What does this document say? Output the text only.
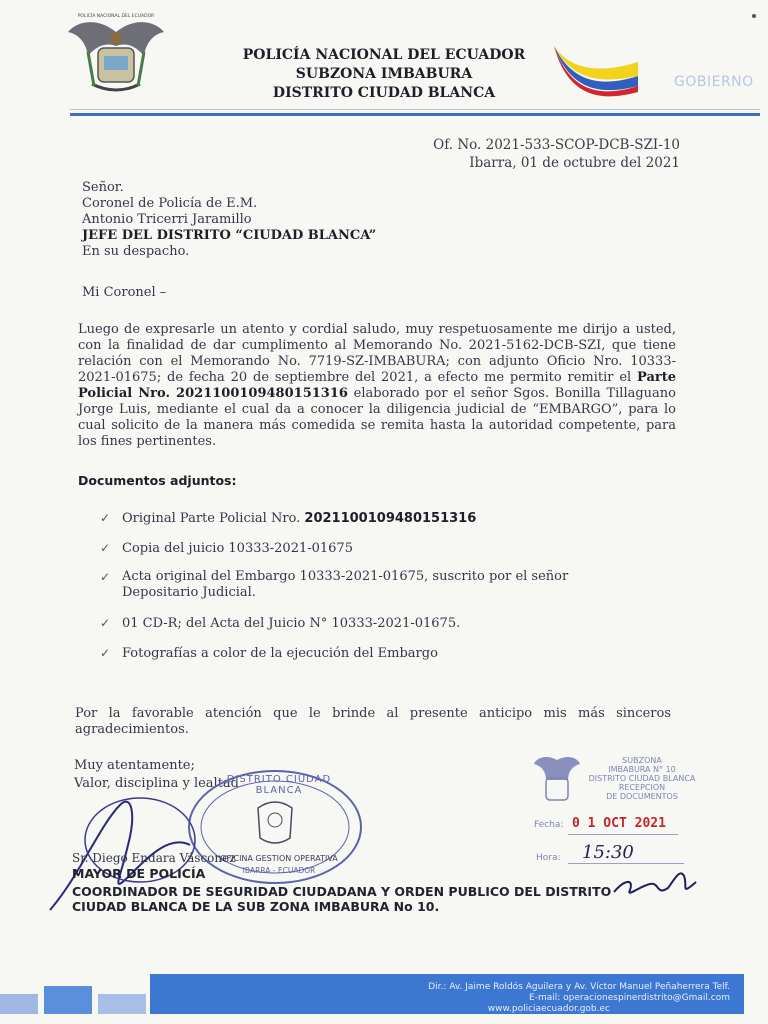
POLICÍA NACIONAL DEL ECUADOR
POLICÍA NACIONAL DEL ECUADOR
SUBZONA IMBABURA
DISTRITO CIUDAD BLANCA
GOBIERNO
Of. No. 2021-533-SCOP-DCB-SZI-10
Ibarra, 01 de octubre del 2021
Señor.
Coronel de Policía de E.M.
Antonio Tricerri Jaramillo
JEFE DEL DISTRITO “CIUDAD BLANCA”
En su despacho.
Mi Coronel –
Luego de expresarle un atento y cordial saludo, muy respetuosamente me dirijo a usted, con la finalidad de dar cumplimento al Memorando No. 2021-5162-DCB-SZI, que tiene relación con el Memorando No. 7719-SZ-IMBABURA; con adjunto Oficio Nro. 10333-2021-01675; de fecha 20 de septiembre del 2021, a efecto me permito remitir el Parte Policial Nro. 2021100109480151316 elaborado por el señor Sgos. Bonilla Tillaguano Jorge Luis, mediante el cual da a conocer la diligencia judicial de “EMBARGO”, para lo cual solicito de la manera más comedida se remita hasta la autoridad competente, para los fines pertinentes.
Documentos adjuntos:
✓ Original Parte Policial Nro. 2021100109480151316
✓ Copia del juicio 10333-2021-01675
✓ Acta original del Embargo 10333-2021-01675, suscrito por el señor Depositario Judicial.
✓ 01 CD-R; del Acta del Juicio N° 10333-2021-01675.
✓ Fotografías a color de la ejecución del Embargo
Por la favorable atención que le brinde al presente anticipo mis más sinceros agradecimientos.
Muy atentamente;
Valor, disciplina y lealtad
DISTRITO CIUDAD BLANCA
OFICINA GESTION OPERATIVA
IBARRA - ECUADOR
SUBZONA
IMBABURA N° 10
DISTRITO CIUDAD BLANCA
RECEPCION
DE DOCUMENTOS
Fecha: 0 1 OCT 2021
Hora: 15:30
Sr. Diego Endara Vásconez
MAYOR DE POLICÍA
COORDINADOR DE SEGURIDAD CIUDADANA Y ORDEN PUBLICO DEL DISTRITO
CIUDAD BLANCA DE LA SUB ZONA IMBABURA No 10.
Dir.: Av. Jaime Roldós Aguilera y Av. Víctor Manuel Peñaherrera Telf.
E-mail: operacionespinerdistrito@Gmail.com
www.policiaecuador.gob.ec
